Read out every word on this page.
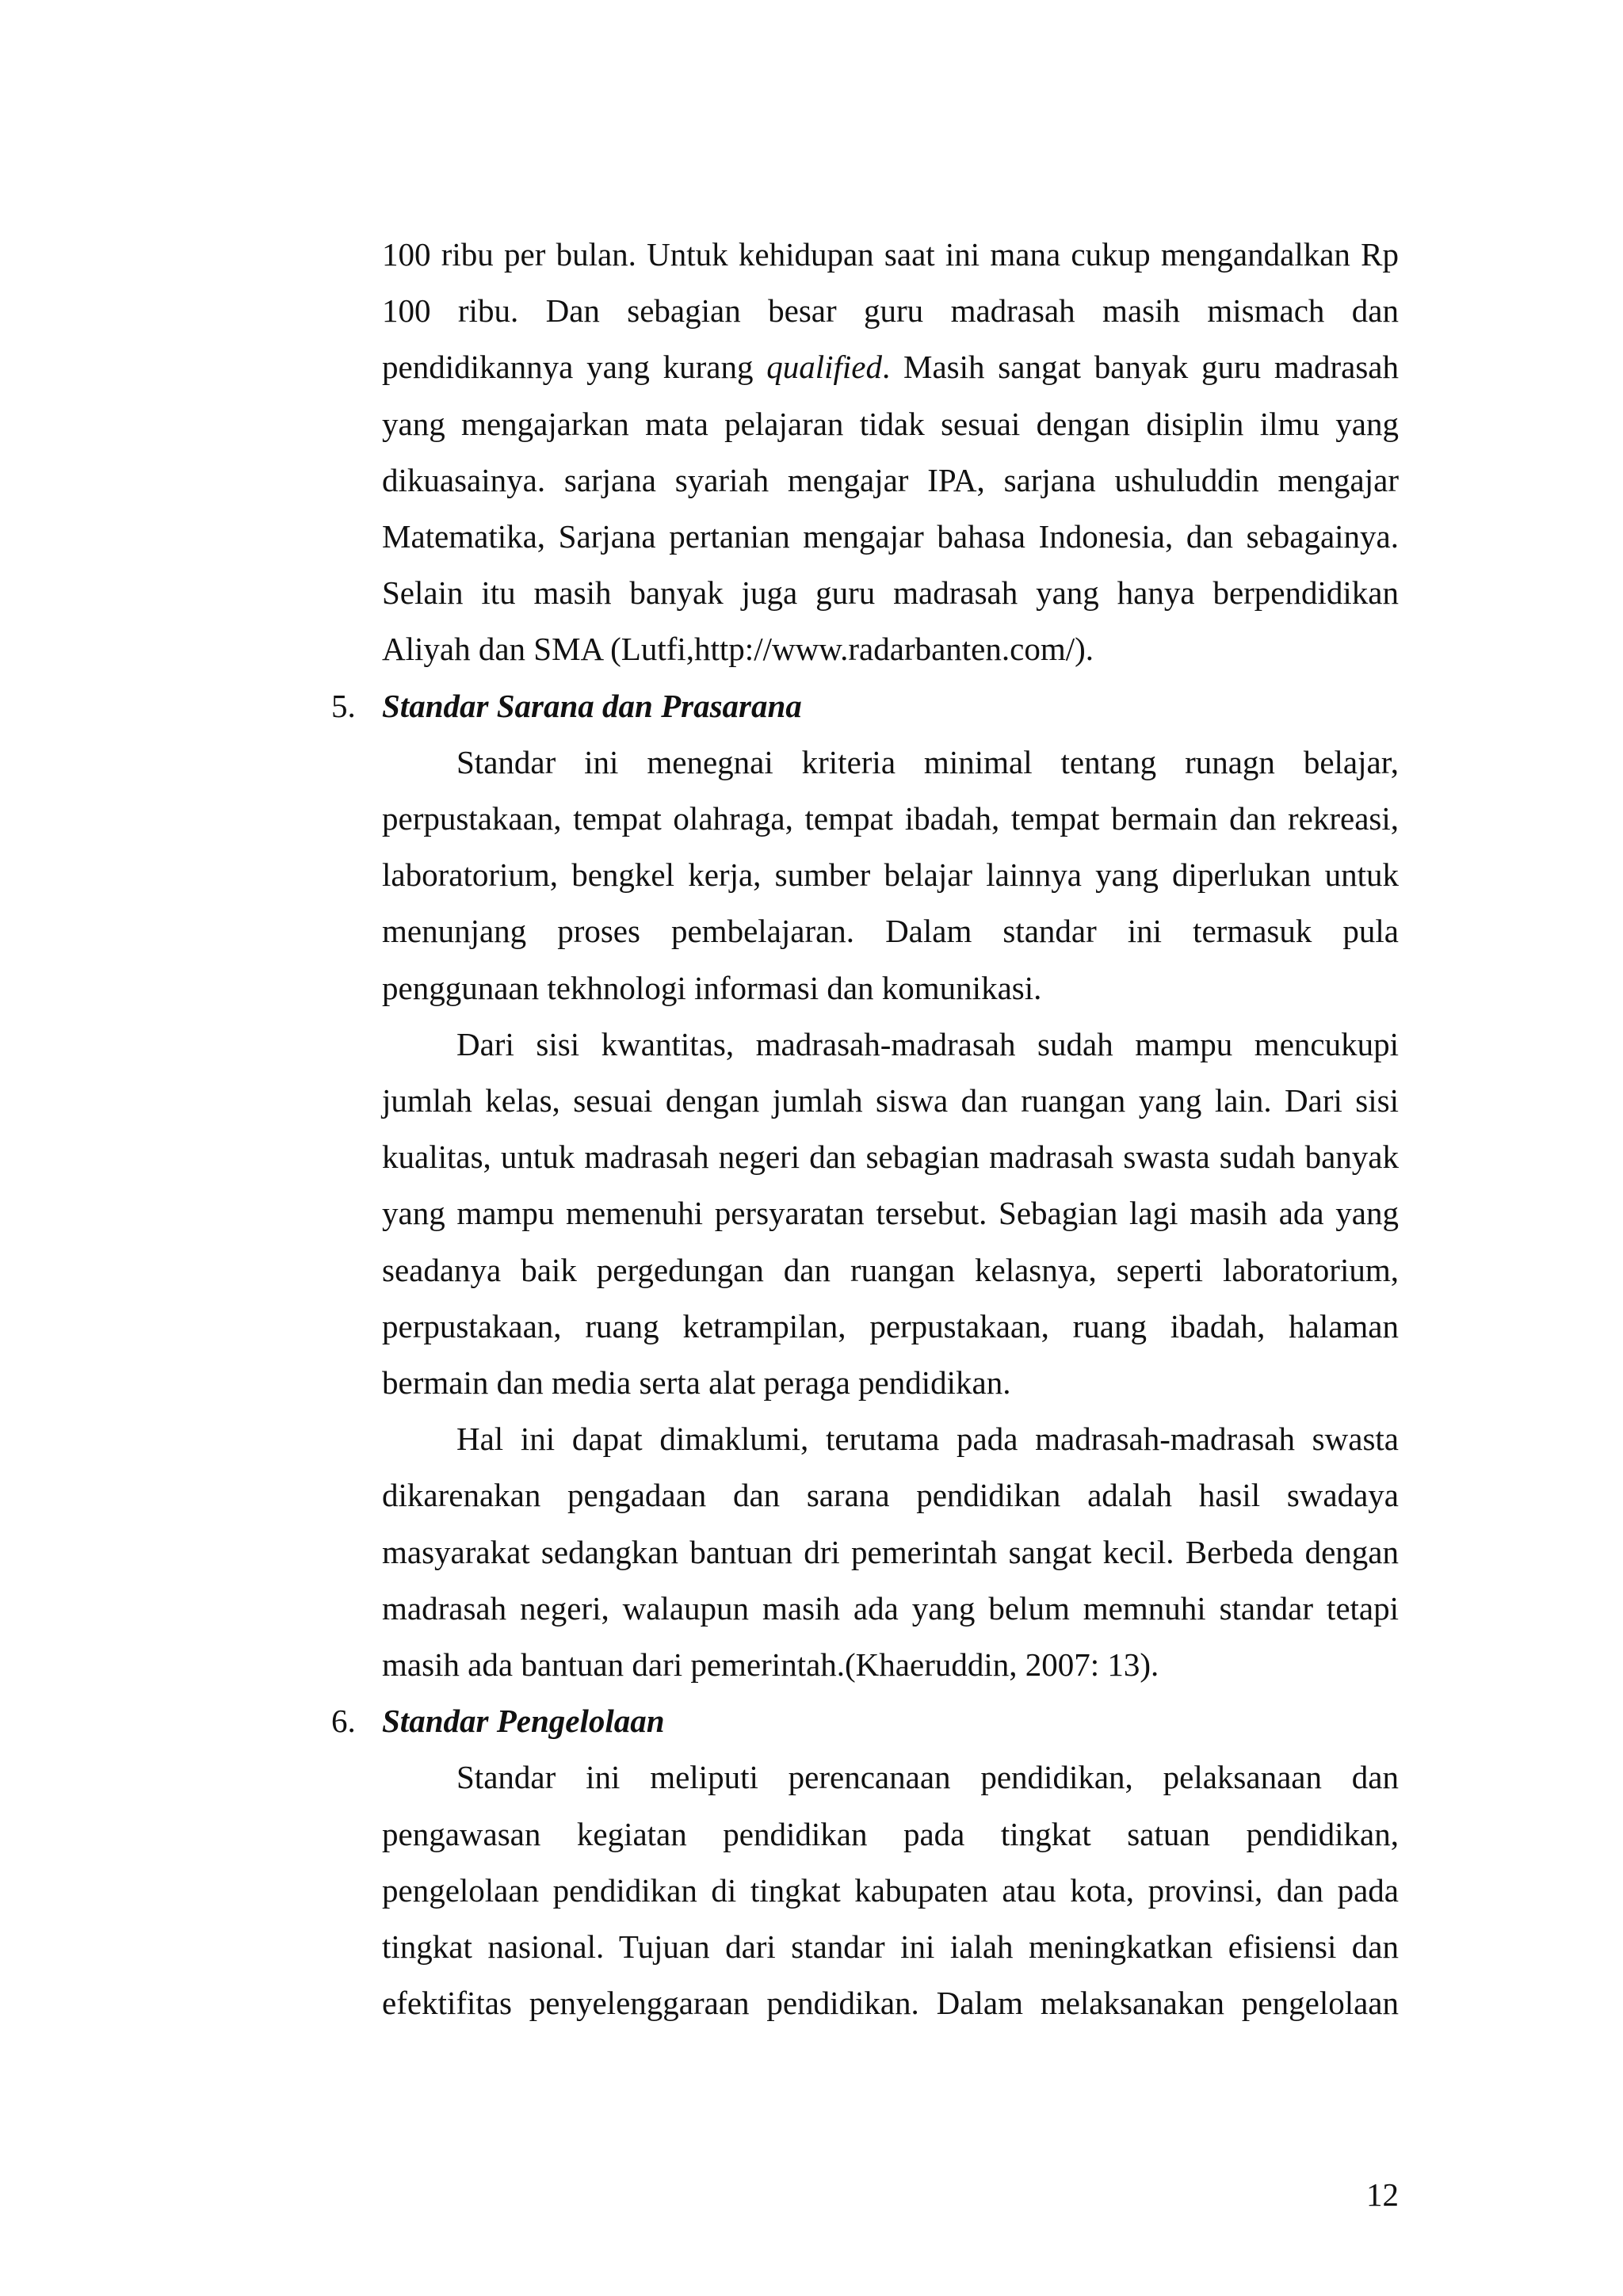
100 ribu per bulan. Untuk kehidupan saat ini mana cukup mengandalkan Rp
100 ribu. Dan sebagian besar guru madrasah masih mismach dan
pendidikannya yang kurang qualified. Masih sangat banyak guru madrasah
yang mengajarkan mata pelajaran tidak sesuai dengan disiplin ilmu yang
dikuasainya. sarjana syariah mengajar IPA, sarjana ushuluddin mengajar
Matematika, Sarjana pertanian mengajar bahasa Indonesia, dan sebagainya.
Selain itu masih banyak juga guru madrasah yang hanya berpendidikan
Aliyah dan SMA (Lutfi,http://www.radarbanten.com/).
5. Standar Sarana dan Prasarana
Standar ini menegnai kriteria minimal tentang runagn belajar,
perpustakaan, tempat olahraga, tempat ibadah, tempat bermain dan rekreasi,
laboratorium, bengkel kerja, sumber belajar lainnya yang diperlukan untuk
menunjang proses pembelajaran. Dalam standar ini termasuk pula
penggunaan tekhnologi informasi dan komunikasi.
Dari sisi kwantitas, madrasah-madrasah sudah mampu mencukupi
jumlah kelas, sesuai dengan jumlah siswa dan ruangan yang lain. Dari sisi
kualitas, untuk madrasah negeri dan sebagian madrasah swasta sudah banyak
yang mampu memenuhi persyaratan tersebut. Sebagian lagi masih ada yang
seadanya baik pergedungan dan ruangan kelasnya, seperti laboratorium,
perpustakaan, ruang ketrampilan, perpustakaan, ruang ibadah, halaman
bermain dan media serta alat peraga pendidikan.
Hal ini dapat dimaklumi, terutama pada madrasah-madrasah swasta
dikarenakan pengadaan dan sarana pendidikan adalah hasil swadaya
masyarakat sedangkan bantuan dri pemerintah sangat kecil. Berbeda dengan
madrasah negeri, walaupun masih ada yang belum memnuhi standar tetapi
masih ada bantuan dari pemerintah.(Khaeruddin, 2007: 13).
6. Standar Pengelolaan
Standar ini meliputi perencanaan pendidikan, pelaksanaan dan
pengawasan kegiatan pendidikan pada tingkat satuan pendidikan,
pengelolaan pendidikan di tingkat kabupaten atau kota, provinsi, dan pada
tingkat nasional. Tujuan dari standar ini ialah meningkatkan efisiensi dan
efektifitas penyelenggaraan pendidikan. Dalam melaksanakan pengelolaan
12
